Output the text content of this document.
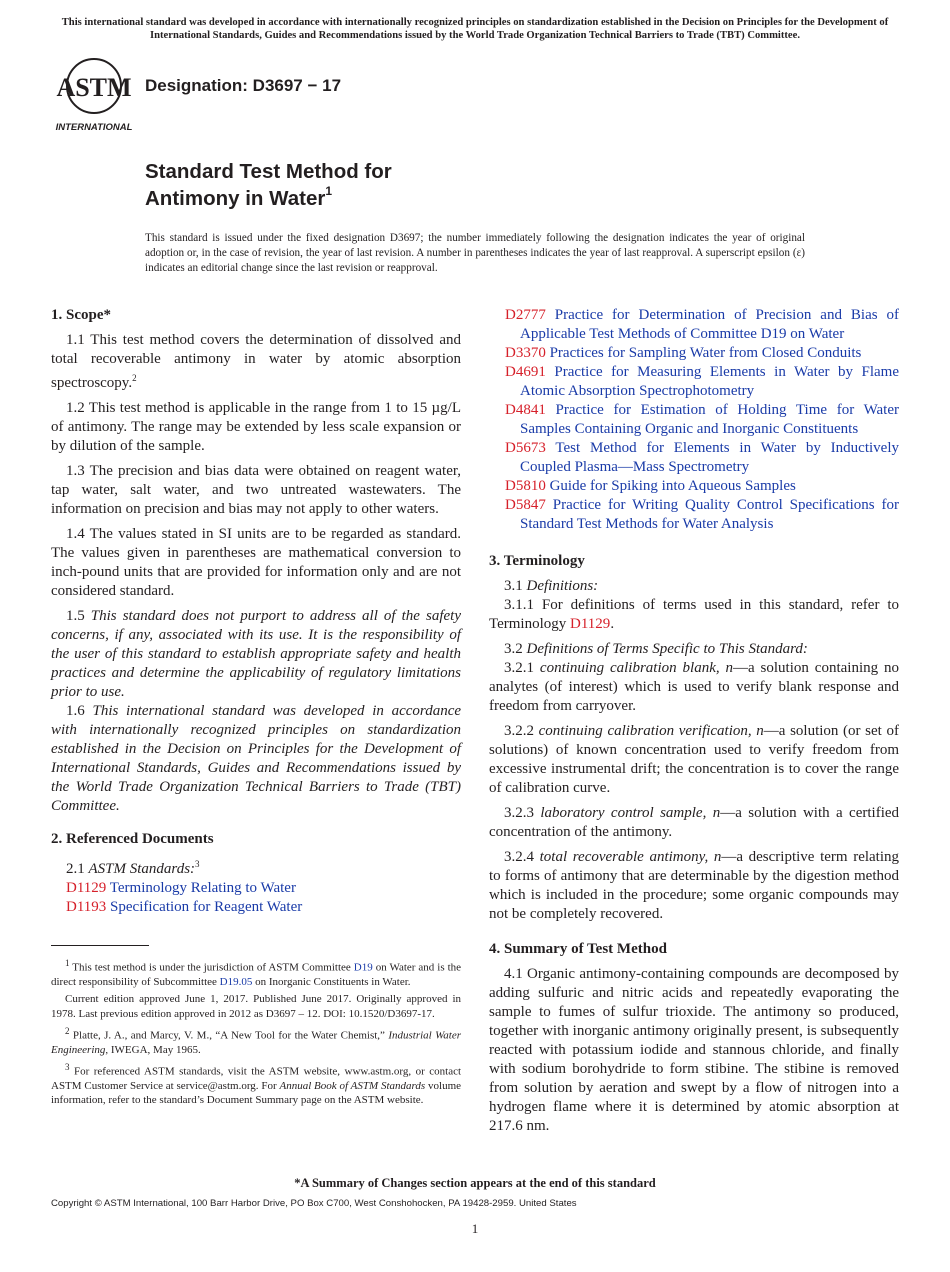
This international standard was developed in accordance with internationally recognized principles on standardization established in the Decision on Principles for the Development of International Standards, Guides and Recommendations issued by the World Trade Organization Technical Barriers to Trade (TBT) Committee.
ASTM
INTERNATIONAL
Designation: D3697 − 17
Standard Test Method for
Antimony in Water$^1$
This standard is issued under the fixed designation D3697; the number immediately following the designation indicates the year of original adoption or, in the case of revision, the year of last revision. A number in parentheses indicates the year of last reapproval. A superscript epsilon (ε) indicates an editorial change since the last revision or reapproval.
1. Scope*

1.1 This test method covers the determination of dissolved and total recoverable antimony in water by atomic absorption spectroscopy.$^2$

1.2 This test method is applicable in the range from 1 to 15 µg/L of antimony. The range may be extended by less scale expansion or by dilution of the sample.

1.3 The precision and bias data were obtained on reagent water, tap water, salt water, and two untreated wastewaters. The information on precision and bias may not apply to other waters.

1.4 The values stated in SI units are to be regarded as standard. The values given in parentheses are mathematical conversion to inch-pound units that are provided for information only and are not considered standard.

1.5 This standard does not purport to address all of the safety concerns, if any, associated with its use. It is the responsibility of the user of this standard to establish appropriate safety and health practices and determine the applicability of regulatory limitations prior to use.

1.6 This international standard was developed in accordance with internationally recognized principles on standardization established in the Decision on Principles for the Development of International Standards, Guides and Recommendations issued by the World Trade Organization Technical Barriers to Trade (TBT) Committee.

2. Referenced Documents

2.1 ASTM Standards:$^3$

D1129 Terminology Relating to Water
D1193 Specification for Reagent Water

$^1$ This test method is under the jurisdiction of ASTM Committee D19 on Water and is the direct responsibility of Subcommittee D19.05 on Inorganic Constituents in Water.

Current edition approved June 1, 2017. Published June 2017. Originally approved in 1978. Last previous edition approved in 2012 as D3697 – 12. DOI: 10.1520/D3697-17.

$^2$ Platte, J. A., and Marcy, V. M., “A New Tool for the Water Chemist,” Industrial Water Engineering, IWEGA, May 1965.

$^3$ For referenced ASTM standards, visit the ASTM website, www.astm.org, or contact ASTM Customer Service at service@astm.org. For Annual Book of ASTM Standards volume information, refer to the standard’s Document Summary page on the ASTM website.

D2777 Practice for Determination of Precision and Bias of Applicable Test Methods of Committee D19 on Water
D3370 Practices for Sampling Water from Closed Conduits
D4691 Practice for Measuring Elements in Water by Flame Atomic Absorption Spectrophotometry
D4841 Practice for Estimation of Holding Time for Water Samples Containing Organic and Inorganic Constituents
D5673 Test Method for Elements in Water by Inductively Coupled Plasma—Mass Spectrometry
D5810 Guide for Spiking into Aqueous Samples
D5847 Practice for Writing Quality Control Specifications for Standard Test Methods for Water Analysis
3. Terminology

3.1 Definitions:

3.1.1 For definitions of terms used in this standard, refer to Terminology D1129.

3.2 Definitions of Terms Specific to This Standard:

3.2.1 continuing calibration blank, n—a solution containing no analytes (of interest) which is used to verify blank response and freedom from carryover.

3.2.2 continuing calibration verification, n—a solution (or set of solutions) of known concentration used to verify freedom from excessive instrumental drift; the concentration is to cover the range of calibration curve.

3.2.3 laboratory control sample, n—a solution with a certified concentration of the antimony.

3.2.4 total recoverable antimony, n—a descriptive term relating to forms of antimony that are determinable by the digestion method which is included in the procedure; some organic compounds may not be completely recovered.

4. Summary of Test Method

4.1 Organic antimony-containing compounds are decomposed by adding sulfuric and nitric acids and repeatedly evaporating the sample to fumes of sulfur trioxide. The antimony so produced, together with inorganic antimony originally present, is subsequently reacted with potassium iodide and stannous chloride, and finally with sodium borohydride to form stibine. The stibine is removed from solution by aeration and swept by a flow of nitrogen into a hydrogen flame where it is determined by atomic absorption at 217.6 nm.

*A Summary of Changes section appears at the end of this standard
Copyright © ASTM International, 100 Barr Harbor Drive, PO Box C700, West Conshohocken, PA 19428-2959. United States
1
